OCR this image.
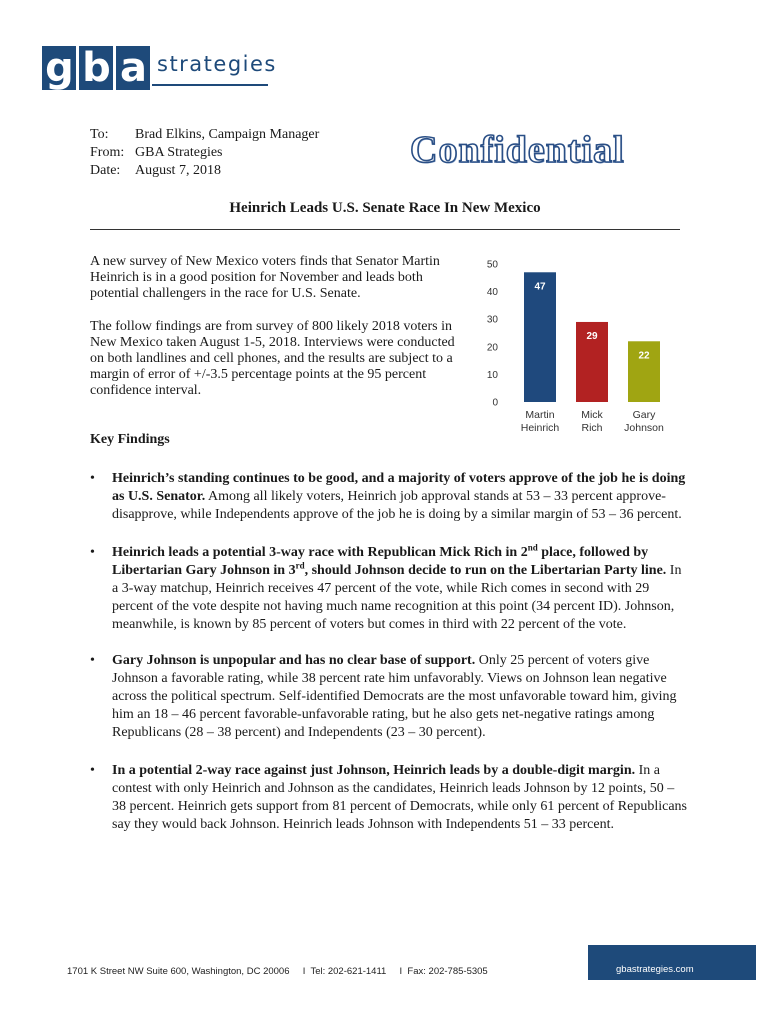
g b a strategies
To:	Brad Elkins, Campaign Manager
From: GBA Strategies
Date:	August 7, 2018	Confidential
Heinrich Leads U.S. Senate Race In New Mexico

A new survey of New Mexico voters finds that Senator Martin Heinrich is in a good position for November and leads both potential challengers in the race for U.S. Senate.

The follow findings are from survey of 800 likely 2018 voters in New Mexico taken August 1-5, 2018. Interviews were conducted on both landlines and cell phones, and the results are subject to a margin of error of +/-3.5 percentage points at the 95 percent confidence interval.

0
10
20
30
40
50
47
Martin
Heinrich
29
Mick
Rich
22
Gary
Johnson
Key Findings
• Heinrich’s standing continues to be good, and a majority of voters approve of the job he is doing as U.S. Senator. Among all likely voters, Heinrich job approval stands at 53 – 33 percent approve-disapprove, while Independents approve of the job he is doing by a similar margin of 53 – 36 percent.
• Heinrich leads a potential 3-way race with Republican Mick Rich in 2nd place, followed by Libertarian Gary Johnson in 3rd, should Johnson decide to run on the Libertarian Party line. In a 3-way matchup, Heinrich receives 47 percent of the vote, while Rich comes in second with 29 percent of the vote despite not having much name recognition at this point (34 percent ID). Johnson, meanwhile, is known by 85 percent of voters but comes in third with 22 percent of the vote.
• Gary Johnson is unpopular and has no clear base of support. Only 25 percent of voters give Johnson a favorable rating, while 38 percent rate him unfavorably. Views on Johnson lean negative across the political spectrum. Self-identified Democrats are the most unfavorable toward him, giving him an 18 – 46 percent favorable-unfavorable rating, but he also gets net-negative ratings among Republicans (28 – 38 percent) and Independents (23 – 30 percent).
• In a potential 2-way race against just Johnson, Heinrich leads by a double-digit margin. In a contest with only Heinrich and Johnson as the candidates, Heinrich leads Johnson by 12 points, 50 – 38 percent. Heinrich gets support from 81 percent of Democrats, while only 61 percent of Republicans say they would back Johnson. Heinrich leads Johnson with Independents 51 – 33 percent.
1701 K Street NW Suite 600, Washington, DC 20006     I  Tel: 202-621-1411     I  Fax: 202-785-5305	gbastrategies.com
